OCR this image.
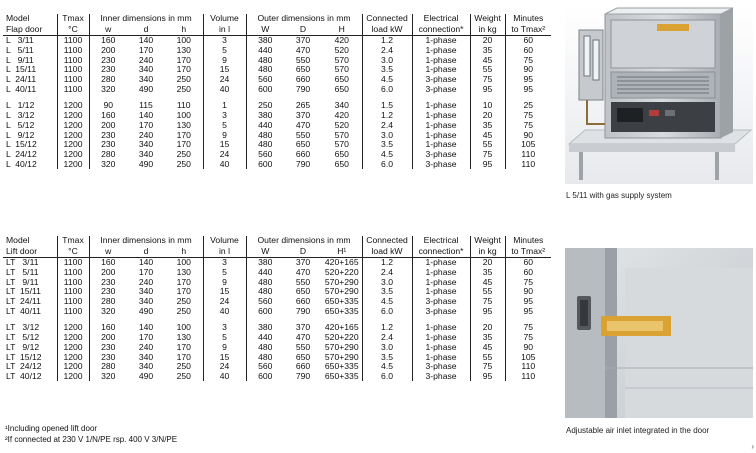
Model	Tmax	Inner dimensions in mm			Volume	Outer dimensions in mm			Connected	Electrical	Weight	Minutes
Flap door	°C	w	d	h	in l	W	D	H	load kW	connection*	in kg	to Tmax²
L   3/11	1100	160	140	100	3	380	370	420	1.2	1-phase	20	60
L   5/11	1100	200	170	130	5	440	470	520	2.4	1-phase	35	60
L   9/11	1100	230	240	170	9	480	550	570	3.0	1-phase	45	75
L  15/11	1100	230	340	170	15	480	650	570	3.5	1-phase	55	90
L  24/11	1100	280	340	250	24	560	660	650	4.5	3-phase	75	95
L  40/11	1100	320	490	250	40	600	790	650	6.0	3-phase	95	95

L   1/12	1200	90	115	110	1	250	265	340	1.5	1-phase	10	25
L   3/12	1200	160	140	100	3	380	370	420	1.2	1-phase	20	75
L   5/12	1200	200	170	130	5	440	470	520	2.4	1-phase	35	75
L   9/12	1200	230	240	170	9	480	550	570	3.0	1-phase	45	90
L  15/12	1200	230	340	170	15	480	650	570	3.5	1-phase	55	105
L  24/12	1200	280	340	250	24	560	660	650	4.5	3-phase	75	110
L  40/12	1200	320	490	250	40	600	790	650	6.0	3-phase	95	110
Model	Tmax	Inner dimensions in mm			Volume	Outer dimensions in mm			Connected	Electrical	Weight	Minutes
Lift door	°C	w	d	h	in l	W	D	H¹	load kW	connection*	in kg	to Tmax²
LT   3/11	1100	160	140	100	3	380	370	420+165	1.2	1-phase	20	60
LT   5/11	1100	200	170	130	5	440	470	520+220	2.4	1-phase	35	60
LT   9/11	1100	230	240	170	9	480	550	570+290	3.0	1-phase	45	75
LT  15/11	1100	230	340	170	15	480	650	570+290	3.5	1-phase	55	90
LT  24/11	1100	280	340	250	24	560	660	650+335	4.5	3-phase	75	95
LT  40/11	1100	320	490	250	40	600	790	650+335	6.0	3-phase	95	95

LT   3/12	1200	160	140	100	3	380	370	420+165	1.2	1-phase	20	75
LT   5/12	1200	200	170	130	5	440	470	520+220	2.4	1-phase	35	75
LT   9/12	1200	230	240	170	9	480	550	570+290	3.0	1-phase	45	90
LT  15/12	1200	230	340	170	15	480	650	570+290	3.5	1-phase	55	105
LT  24/12	1200	280	340	250	24	560	660	650+335	4.5	3-phase	75	110
LT  40/12	1200	320	490	250	40	600	790	650+335	6.0	3-phase	95	110
L 5/11 with gas supply system
Adjustable air inlet integrated in the door
¹Including opened lift door
²If connected at 230 V 1/N/PE rsp. 400 V 3/N/PE
›
